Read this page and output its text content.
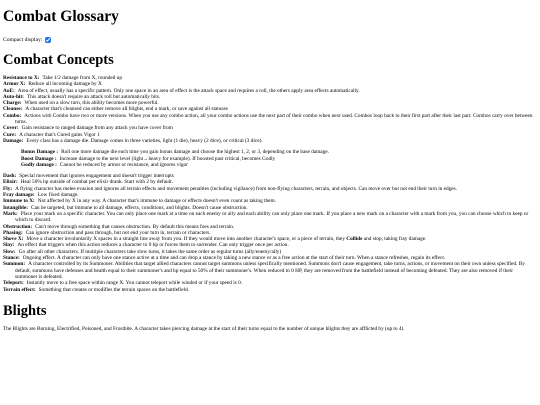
Combat Glossary
Compact display:
Combat Concepts
Resistance to X : Take 1/2 damage from X, rounded up
Armor X : Reduce all incoming damage by X
AoE : Area of effect, usually has a specific pattern. Only one space in an area of effect is the attack space and requires a roll, the others apply area effects automatically.
Auto-hit : This attack doesn't require an attack roll but automatically hits.
Charge : When used on a slow turn, this ability becomes more powerful.
Cleanse : A character that's cleansed can either remove all blights, end a mark, or save against all statuses
Combo : Actions with Combo have two or more versions. When you use any combo action, all your combo actions use the next part of their combo when next used. Combos loop back to their first part after their last part. Combos carry over between turns.
Cover : Gain resistance to ranged damage from any attack you have cover from
Cure : A character that's Cured gains Vigor 1
Damage : Every class has a damage die. Damage comes in three varieties, light (1 die), heavy (2 dice), or critical (3 dice).
Bonus Damage : Roll one more damage die each time you gain bonus damage and choose the highest 1, 2, or 3, depending on the base damage.
Boost Damage : Increase damage to the next level (light→heavy for example). If boosted past critical, becomes Godly
Godly damage : Cannot be reduced by armor or resistance, and ignores vigor
Dash : Special movement that ignores engagement and doesn't trigger interrupts
Elixir : Heal 50% hp outside of combat per elixir drank. Start with 2 by default.
Fly : A flying character has melee evasion and ignores all terrain effects and movement penalties (including vigilance) from non-flying characters, terrain, and objects. Can move over but not end their turn in edges.
Fray damage : Low fixed damage.
Immune to X : Not affected by X in any way. A character that's immune to damage or effects doesn't even count as taking them.
Intangible : Can be targeted, but immune to all damage, effects, conditions, and blights. Doesn't cause obstruction.
Mark : Place your mark on a specific character. You can only place one mark at a time on each enemy or ally and each ability can only place one mark. If you place a new mark on a character with a mark from you, you can choose which to keep or which to discard.
Obstruction : Can't move through something that causes obstruction. By default this means foes and terrain.
Phasing : Can ignore obstruction and pass through, but not end your turn in, terrain or characters.
Shove X : Move a character involuntarily X spaces in a straight line away from you. If they would move into another character's space, or a piece of terrain, they Collide and stop, taking fray damage.
Slay : An effect that triggers when this action reduces a character to 0 hp or forces them to surrender. Can only trigger once per action.
Slow : Go after all other characters. If multiple characters take slow turns, it takes the same order as regular turns (ally/enemy/ally)
Stance : Ongoing effect. A character can only have one stance active at a time and can drop a stance by taking a new stance or as a free action at the start of their turn. When a stance refreshes, regain its effect.
Summon : A character controlled by its Summoner. Abilities that target allied characters cannot target summons unless specifically mentioned. Summons don't cause engagement, take turns, actions, or movement on their own unless specified. By default, summons have defenses and health equal to their summoner's and hp equal to 50% of their summoner's. When reduced to 0 HP, they are removed from the battlefield instead of becoming defeated. They are also removed if their summoner is defeated.
Teleport : Instantly move to a free space within range X. You cannot teleport while winded or if your speed is 0.
Terrain effect : Something that creates or modifies the terrain spaces on the battlefield.
Blights

The Blights are Burning, Electrified, Poisoned, and Frostbite. A character takes piercing damage at the start of their turns equal to the number of unique blights they are afflicted by (up to 4).
